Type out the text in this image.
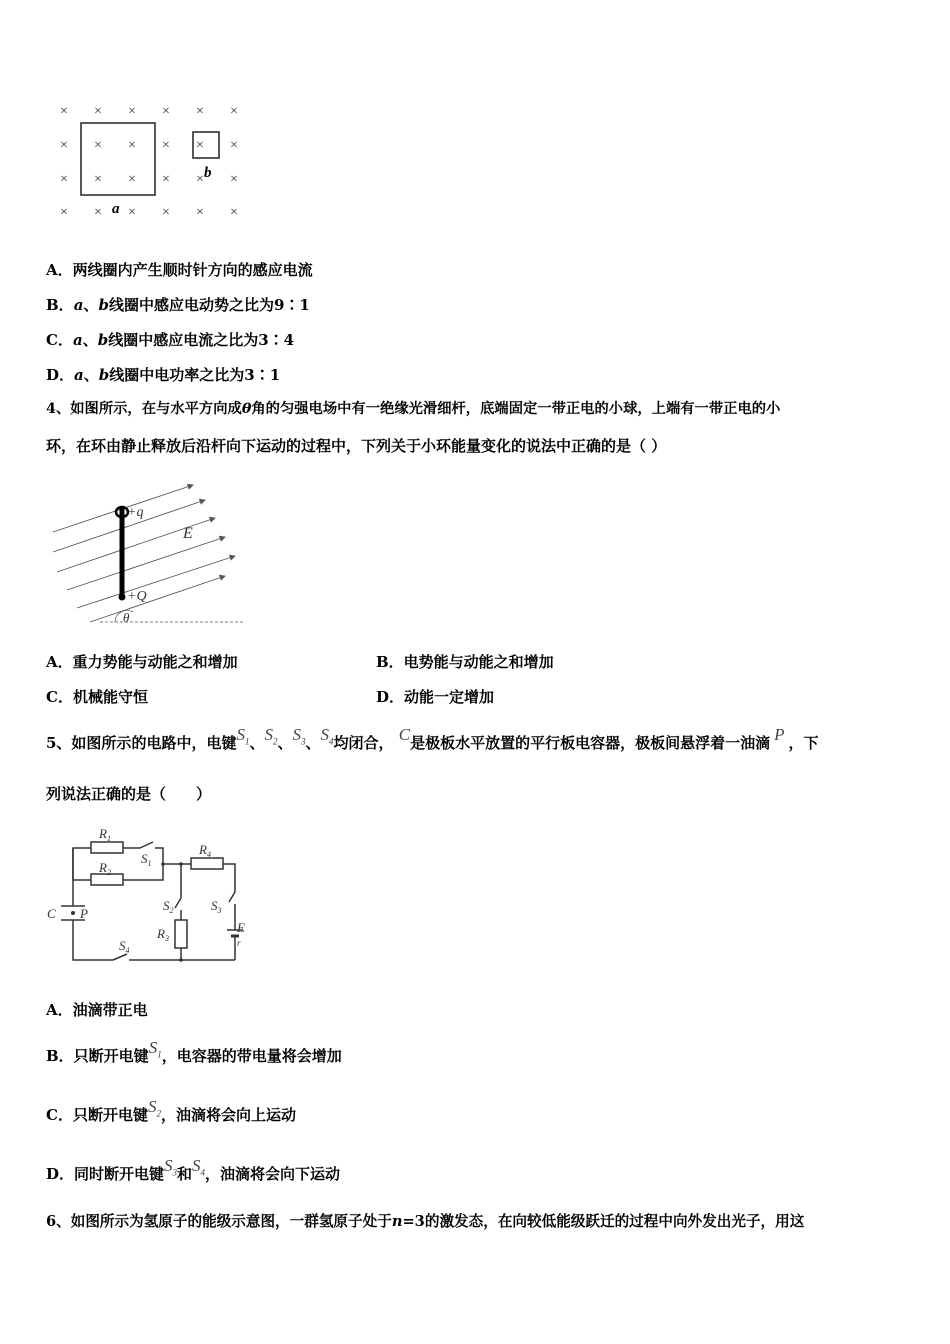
× × × × × ×
× × × × × ×
× × × × × ×
× × × × × ×
a
b
A．两线圈内产生顺时针方向的感应电流
B．a、b线圈中感应电动势之比为9∶1
C．a、b线圈中感应电流之比为3∶4
D．a、b线圈中电功率之比为3∶1
4、如图所示，在与水平方向成θ角的匀强电场中有一绝缘光滑细杆，底端固定一带正电的小球，上端有一带正电的小
环，在环由静止释放后沿杆向下运动的过程中，下列关于小环能量变化的说法中正确的是（ ）
+q
E
+Q
θ
A．重力势能与动能之和增加	B．电势能与动能之和增加
C．机械能守恒	D．动能一定增加
5、如图所示的电路中，电键$S_1$、$S_2$、$S_3$、$S_4$均闭合， C是极板水平放置的平行板电容器，极板间悬浮着一油滴 P ，下
列说法正确的是（　　）
$R_1$
$R_2$
$S_1$
$R_4$
$S_2$
$R_3$
$S_3$
E
r
C P
$S_4$
A．油滴带正电
B．只断开电键$S_1$，电容器的带电量将会增加
C．只断开电键$S_2$，油滴将会向上运动
D．同时断开电键$S_3$和$S_4$，油滴将会向下运动
6、如图所示为氢原子的能级示意图，一群氢原子处于n=3的激发态，在向较低能级跃迁的过程中向外发出光子，用这
